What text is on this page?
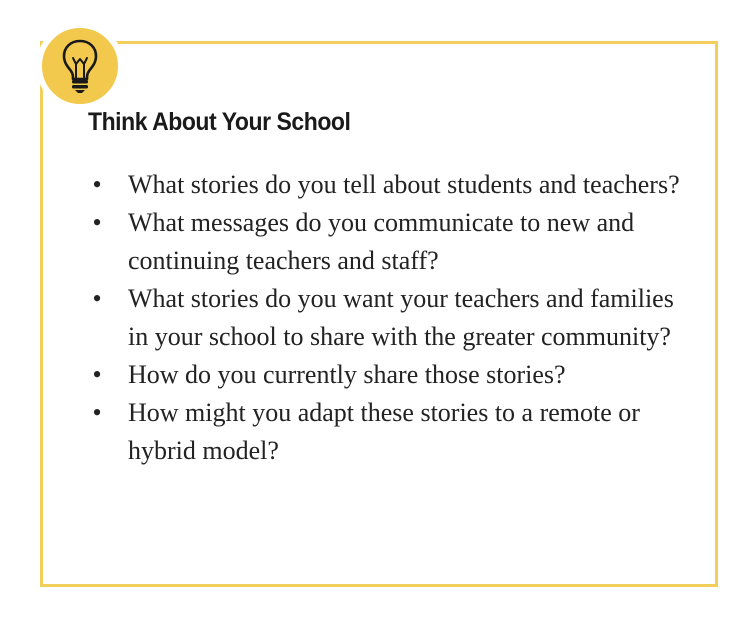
Think About Your School
• What stories do you tell about students and teachers?
• What messages do you communicate to new and continuing teachers and staff?
• What stories do you want your teachers and families in your school to share with the greater community?
• How do you currently share those stories?
• How might you adapt these stories to a remote or hybrid model?
